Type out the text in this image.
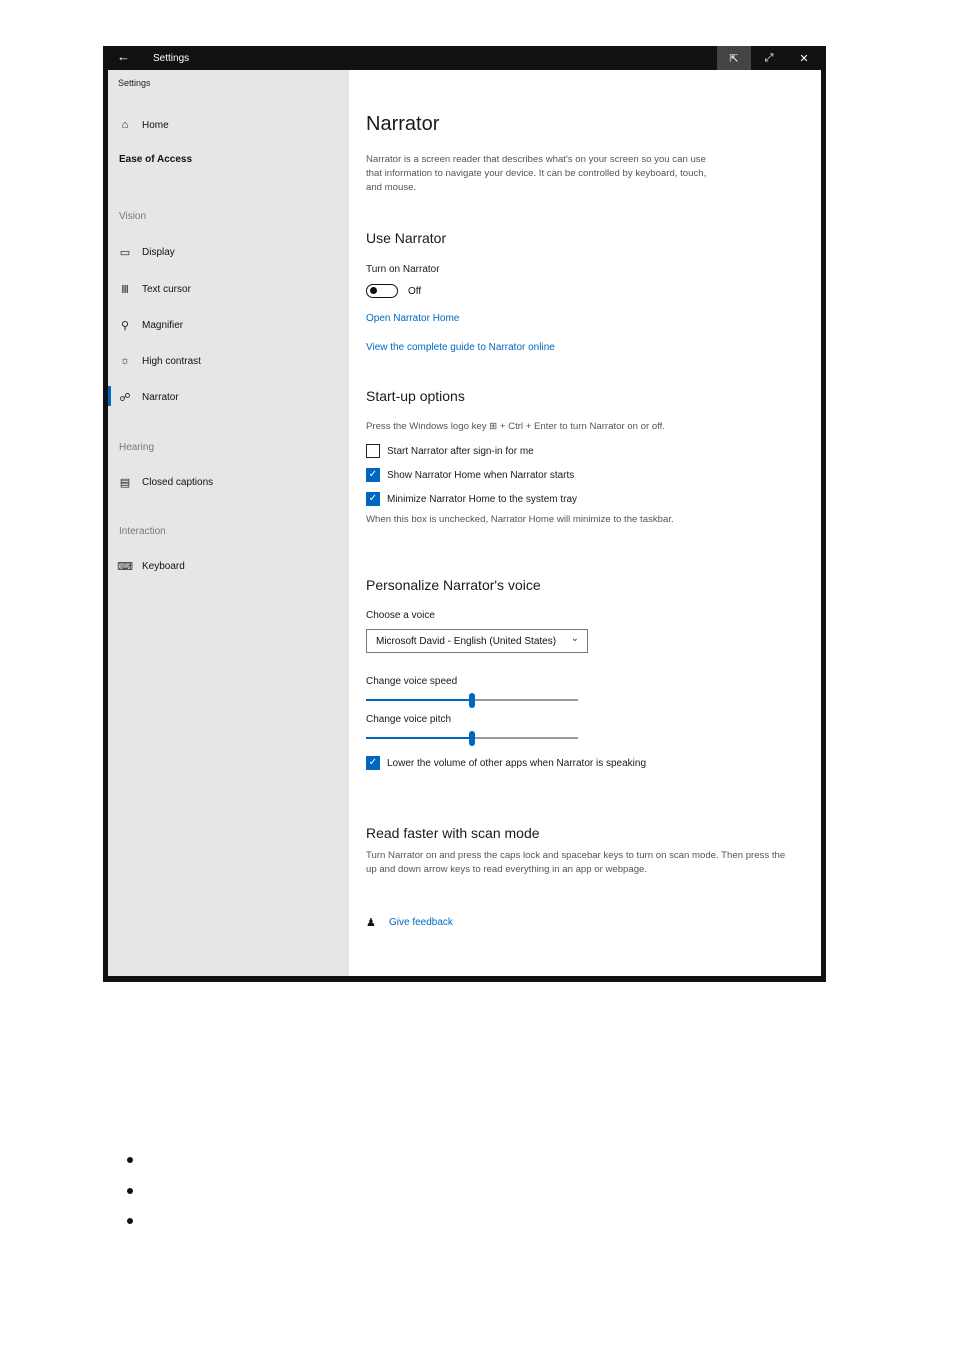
← Settings	⇱	⤢	✕
Settings
⌂	Home
Ease of Access
Vision
▭ Display
Ⅲ	Text cursor
⚲ Magnifier
☼ High contrast
☍ Narrator
Hearing
▤ Closed captions
Interaction
⌨ Keyboard
Narrator
Narrator is a screen reader that describes what's on your screen so you can use that information to navigate your device. It can be controlled by keyboard, touch, and mouse.
Use Narrator
Turn on Narrator
Off
Open Narrator Home
View the complete guide to Narrator online
Start-up options
Press the Windows logo key ⊞ + Ctrl + Enter to turn Narrator on or off.
Start Narrator after sign-in for me
✓ Show Narrator Home when Narrator starts
✓ Minimize Narrator Home to the system tray
When this box is unchecked, Narrator Home will minimize to the taskbar.
Personalize Narrator's voice
Choose a voice
Microsoft David - English (United States) ⌄
Change voice speed
Change voice pitch
✓ Lower the volume of other apps when Narrator is speaking
Read faster with scan mode
Turn Narrator on and press the caps lock and spacebar keys to turn on scan mode. Then press the up and down arrow keys to read everything in an app or webpage.
♟	Give feedback
